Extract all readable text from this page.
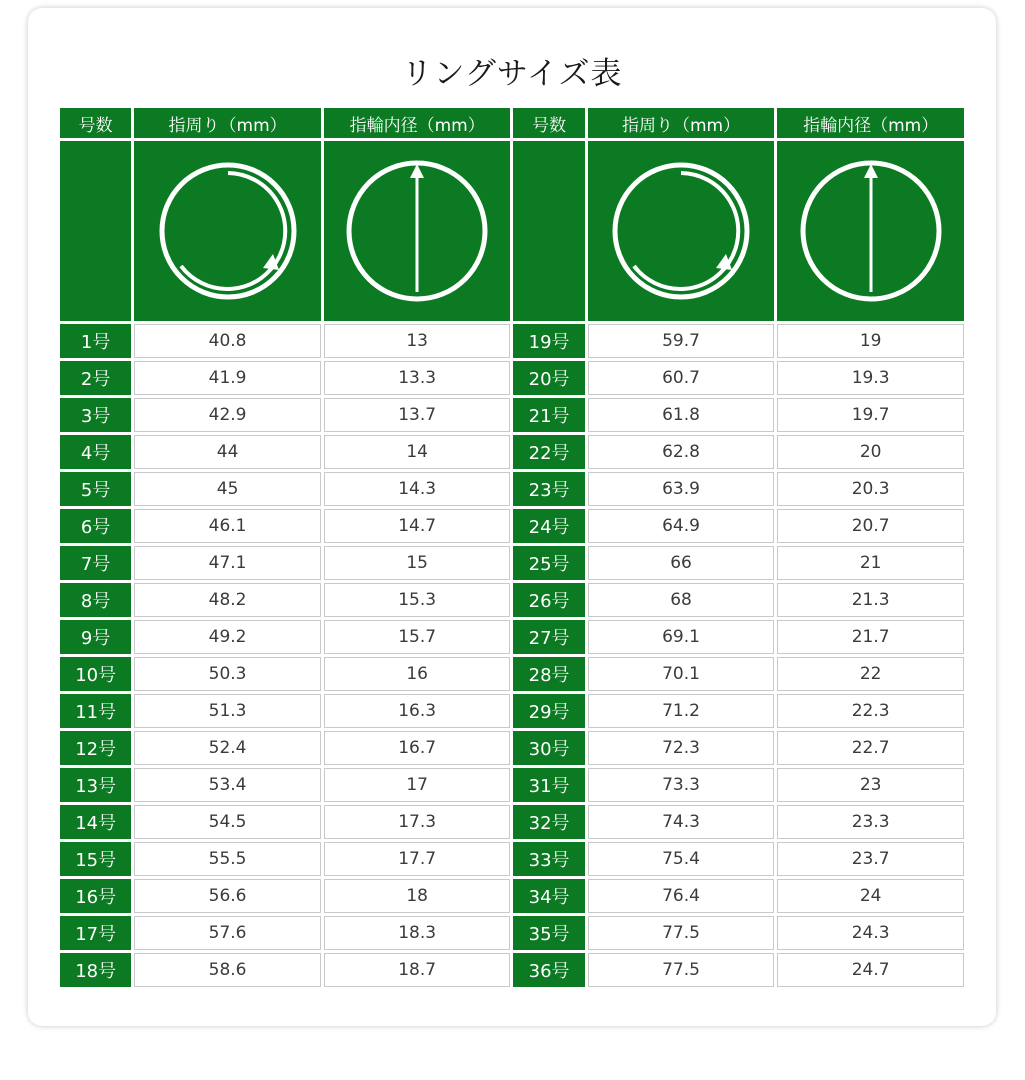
リングサイズ表
号数	指周り（mm）	指輪内径（mm）	号数	指周り（mm）	指輪内径（mm）

1号	40.8	13	19号	59.7	19
2号	41.9	13.3	20号	60.7	19.3
3号	42.9	13.7	21号	61.8	19.7
4号	44	14	22号	62.8	20
5号	45	14.3	23号	63.9	20.3
6号	46.1	14.7	24号	64.9	20.7
7号	47.1	15	25号	66	21
8号	48.2	15.3	26号	68	21.3
9号	49.2	15.7	27号	69.1	21.7
10号	50.3	16	28号	70.1	22
11号	51.3	16.3	29号	71.2	22.3
12号	52.4	16.7	30号	72.3	22.7
13号	53.4	17	31号	73.3	23
14号	54.5	17.3	32号	74.3	23.3
15号	55.5	17.7	33号	75.4	23.7
16号	56.6	18	34号	76.4	24
17号	57.6	18.3	35号	77.5	24.3
18号	58.6	18.7	36号	77.5	24.7
